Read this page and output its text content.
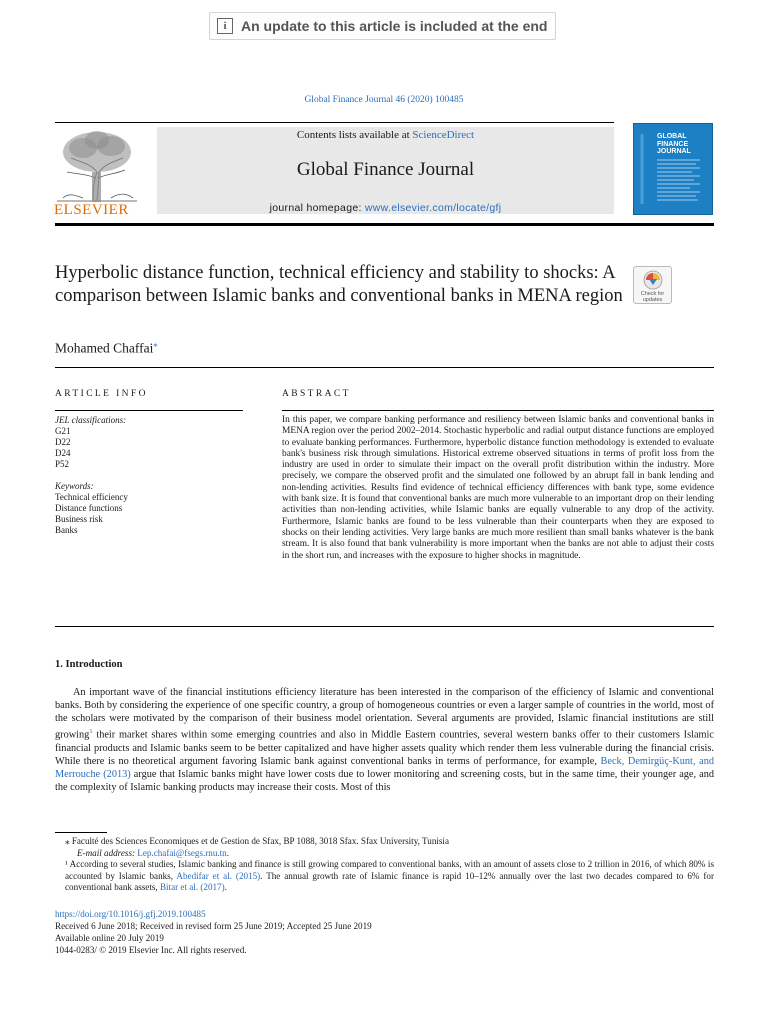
i	An update to this article is included at the end
Global Finance Journal 46 (2020) 100485
ELSEVIER
Contents lists available at ScienceDirect
Global Finance Journal
journal homepage: www.elsevier.com/locate/gfj
GLOBAL
FINANCE
JOURNAL
Hyperbolic distance function, technical efficiency and stability to shocks: A comparison between Islamic banks and conventional banks in MENA region	Check for
updates
Mohamed Chaffai⁎
ARTICLE INFO	ABSTRACT
JEL classifications:
G21
D22
D24
P52
Keywords:
Technical efficiency
Distance functions
Business risk
Banks
In this paper, we compare banking performance and resiliency between Islamic banks and conventional banks in MENA region over the period 2002–2014. Stochastic hyperbolic and radial output distance functions are employed to evaluate banking performances. Furthermore, hyperbolic distance function methodology is extended to evaluate bank's business risk through simulations. Historical extreme observed situations in terms of profit loss from the industry are used in order to simulate their impact on the overall profit distribution within the industry. More precisely, we compare the observed profit and the simulated one followed by an abrupt fall in bank lending and non-lending activities. Results find evidence of technical efficiency differences with bank type, some evidence with bank size. It is found that conventional banks are much more vulnerable to an important drop on their lending activities than non-lending activities, while Islamic banks are equally vulnerable to any drop of the activity. Furthermore, Islamic banks are found to be less vulnerable than their counterparts when they are exposed to shocks on their lending activities. Very large banks are much more resilient than small banks whatever is the bank stream. It is also found that bank vulnerability is more important when the banks are not able to adjust their costs in the short run, and increases with the exposure to higher shocks in magnitude.
1. Introduction
An important wave of the financial institutions efficiency literature has been interested in the comparison of the efficiency of Islamic and conventional banks. Both by considering the experience of one specific country, a group of homogeneous countries or even a larger sample of countries in the world, most of the scholars were motivated by the comparison of their business model orientation. Several arguments are provided, Islamic financial institutions are still growing$^1$ their market shares within some emerging countries and also in Middle Eastern countries, several western banks offer to their customers Islamic financial products and Islamic banks seem to be better capitalized and have higher assets quality which render them less vulnerable during the financial crisis. While there is no theoretical argument favoring Islamic bank against conventional banks in terms of performance, for example, Beck, Demirgüç-Kunt, and Merrouche (2013) argue that Islamic banks might have lower costs due to lower monitoring and screening costs, but in the same time, their younger age, and the complexity of Islamic banking products may increase their costs. Most of this

⁎ Faculté des Sciences Economiques et de Gestion de Sfax, BP 1088, 3018 Sfax. Sfax University, Tunisia

E-mail address: Lep.chafai@fsegs.rnu.tn.

¹ According to several studies, Islamic banking and finance is still growing compared to conventional banks, with an amount of assets close to 2 trillion in 2016, of which 80% is accounted by Islamic banks, Abedifar et al. (2015). The annual growth rate of Islamic finance is rapid 10–12% annually over the last two decades compared to 6% for conventional bank assets, Bitar et al. (2017).

https://doi.org/10.1016/j.gfj.2019.100485
Received 6 June 2018; Received in revised form 25 June 2019; Accepted 25 June 2019
Available online 20 July 2019
1044-0283/ © 2019 Elsevier Inc. All rights reserved.
